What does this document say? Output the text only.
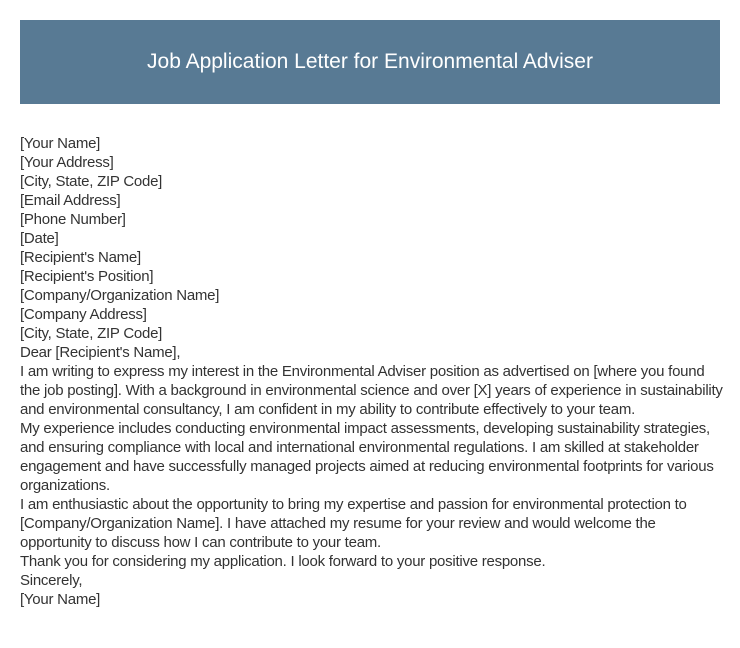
Job Application Letter for Environmental Adviser
[Your Name]
[Your Address]
[City, State, ZIP Code]
[Email Address]
[Phone Number]
[Date]
[Recipient's Name]
[Recipient's Position]
[Company/Organization Name]
[Company Address]
[City, State, ZIP Code]
Dear [Recipient's Name],

I am writing to express my interest in the Environmental Adviser position as advertised on [where you found the job posting]. With a background in environmental science and over [X] years of experience in sustainability and environmental consultancy, I am confident in my ability to contribute effectively to your team.

My experience includes conducting environmental impact assessments, developing sustainability strategies, and ensuring compliance with local and international environmental regulations. I am skilled at stakeholder engagement and have successfully managed projects aimed at reducing environmental footprints for various organizations.

I am enthusiastic about the opportunity to bring my expertise and passion for environmental protection to [Company/Organization Name]. I have attached my resume for your review and would welcome the opportunity to discuss how I can contribute to your team.

Thank you for considering my application. I look forward to your positive response.

Sincerely,
[Your Name]
